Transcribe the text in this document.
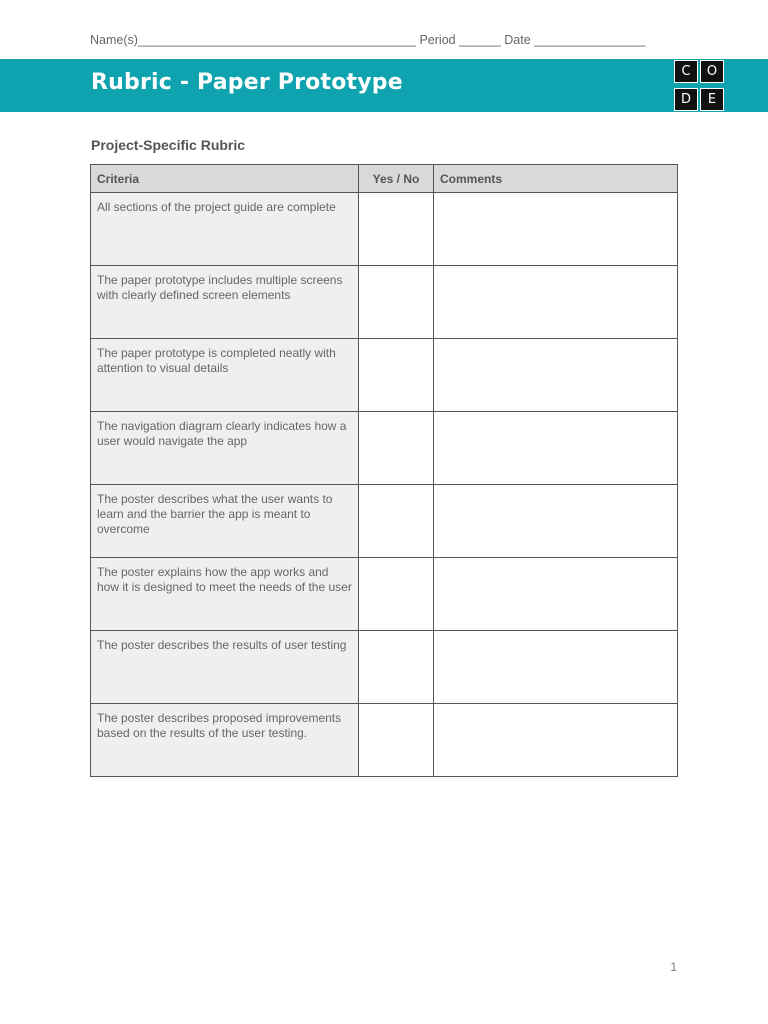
Name(s)________________________________________ Period ______ Date ________________
Rubric - Paper Prototype	C	O
D	E
Project-Specific Rubric
Criteria	Yes / No	Comments
All sections of the project guide are complete		
The paper prototype includes multiple screens with clearly defined screen elements		
The paper prototype is completed neatly with attention to visual details		
The navigation diagram clearly indicates how a user would navigate the app		
The poster describes what the user wants to learn and the barrier the app is meant to overcome		
The poster explains how the app works and how it is designed to meet the needs of the user		
The poster describes the results of user testing		
The poster describes proposed improvements based on the results of the user testing.		
1
